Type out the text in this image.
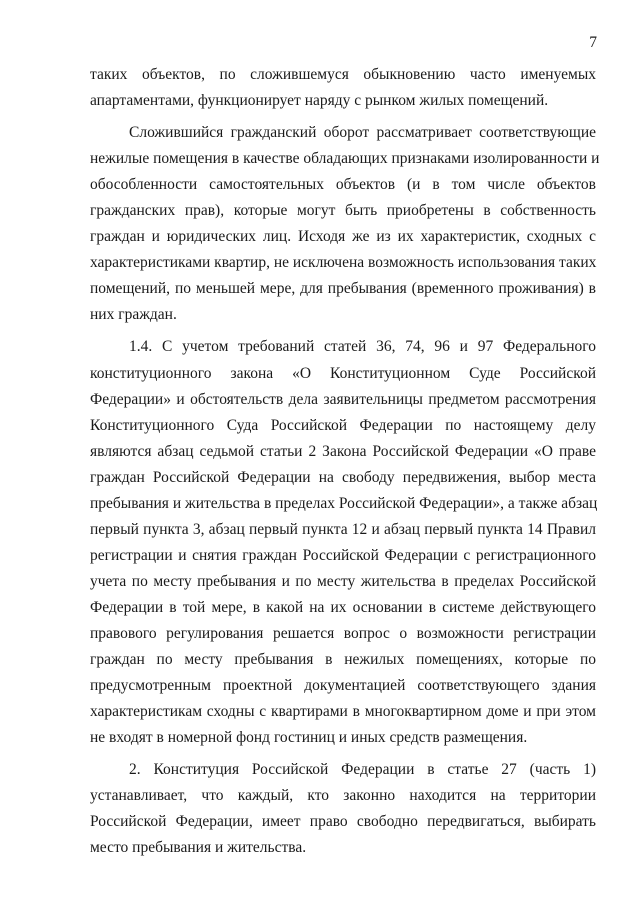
7

таких объектов, по сложившемуся обыкновению часто именуемых
апартаментами, функционирует наряду с рынком жилых помещений.

Сложившийся гражданский оборот рассматривает соответствующие
нежилые помещения в качестве обладающих признаками изолированности и
обособленности самостоятельных объектов (и в том числе объектов
гражданских прав), которые могут быть приобретены в собственность
граждан и юридических лиц. Исходя же из их характеристик, сходных с
характеристиками квартир, не исключена возможность использования таких
помещений, по меньшей мере, для пребывания (временного проживания) в
них граждан.

1.4. С учетом требований статей 36, 74, 96 и 97 Федерального
конституционного закона «О Конституционном Суде Российской
Федерации» и обстоятельств дела заявительницы предметом рассмотрения
Конституционного Суда Российской Федерации по настоящему делу
являются абзац седьмой статьи 2 Закона Российской Федерации «О праве
граждан Российской Федерации на свободу передвижения, выбор места
пребывания и жительства в пределах Российской Федерации», а также абзац
первый пункта 3, абзац первый пункта 12 и абзац первый пункта 14 Правил
регистрации и снятия граждан Российской Федерации с регистрационного
учета по месту пребывания и по месту жительства в пределах Российской
Федерации в той мере, в какой на их основании в системе действующего
правового регулирования решается вопрос о возможности регистрации
граждан по месту пребывания в нежилых помещениях, которые по
предусмотренным проектной документацией соответствующего здания
характеристикам сходны с квартирами в многоквартирном доме и при этом
не входят в номерной фонд гостиниц и иных средств размещения.

2. Конституция Российской Федерации в статье 27 (часть 1)
устанавливает, что каждый, кто законно находится на территории
Российской Федерации, имеет право свободно передвигаться, выбирать
место пребывания и жительства.
